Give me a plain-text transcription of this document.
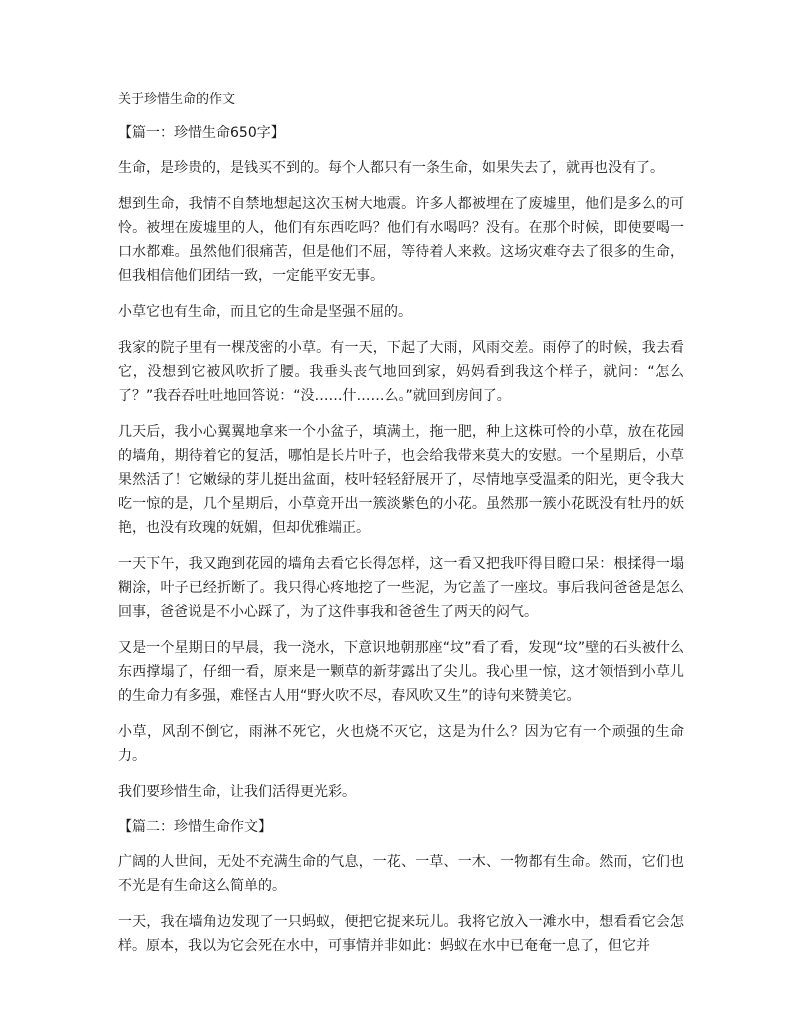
关于珍惜生命的作文
【篇一：珍惜生命650字】

生命，是珍贵的，是钱买不到的。每个人都只有一条生命，如果失去了，就再也没有了。

想到生命，我情不自禁地想起这次玉树大地震。许多人都被埋在了废墟里，他们是多么的可怜。被埋在废墟里的人，他们有东西吃吗？他们有水喝吗？没有。在那个时候，即使要喝一口水都难。虽然他们很痛苦，但是他们不屈，等待着人来救。这场灾难夺去了很多的生命，但我相信他们团结一致，一定能平安无事。

小草它也有生命，而且它的生命是坚强不屈的。

我家的院子里有一棵茂密的小草。有一天，下起了大雨，风雨交差。雨停了的时候，我去看它，没想到它被风吹折了腰。我垂头丧气地回到家，妈妈看到我这个样子，就问：“怎么了？”我吞吞吐吐地回答说：“没……什……么。”就回到房间了。

几天后，我小心翼翼地拿来一个小盆子，填满土，拖一肥，种上这株可怜的小草，放在花园的墙角，期待着它的复活，哪怕是长片叶子，也会给我带来莫大的安慰。一个星期后，小草果然活了！它嫩绿的芽儿挺出盆面，枝叶轻轻舒展开了，尽情地享受温柔的阳光，更令我大吃一惊的是，几个星期后，小草竟开出一簇淡紫色的小花。虽然那一簇小花既没有牡丹的妖艳，也没有玫瑰的妩媚，但却优雅端正。

一天下午，我又跑到花园的墙角去看它长得怎样，这一看又把我吓得目瞪口呆：根揉得一塌糊涂，叶子已经折断了。我只得心疼地挖了一些泥，为它盖了一座坟。事后我问爸爸是怎么回事，爸爸说是不小心踩了，为了这件事我和爸爸生了两天的闷气。

又是一个星期日的早晨，我一浇水，下意识地朝那座“坟”看了看，发现“坟”壁的石头被什么东西撑塌了，仔细一看，原来是一颗草的新芽露出了尖儿。我心里一惊，这才领悟到小草儿的生命力有多强，难怪古人用“野火吹不尽，春风吹又生”的诗句来赞美它。

小草，风刮不倒它，雨淋不死它，火也烧不灭它，这是为什么？因为它有一个顽强的生命力。

我们要珍惜生命，让我们活得更光彩。

【篇二：珍惜生命作文】

广阔的人世间，无处不充满生命的气息，一花、一草、一木、一物都有生命。然而，它们也不光是有生命这么简单的。

一天，我在墙角边发现了一只蚂蚁，便把它捉来玩儿。我将它放入一滩水中，想看看它会怎样。原本，我以为它会死在水中，可事情并非如此：蚂蚁在水中已奄奄一息了，但它并
